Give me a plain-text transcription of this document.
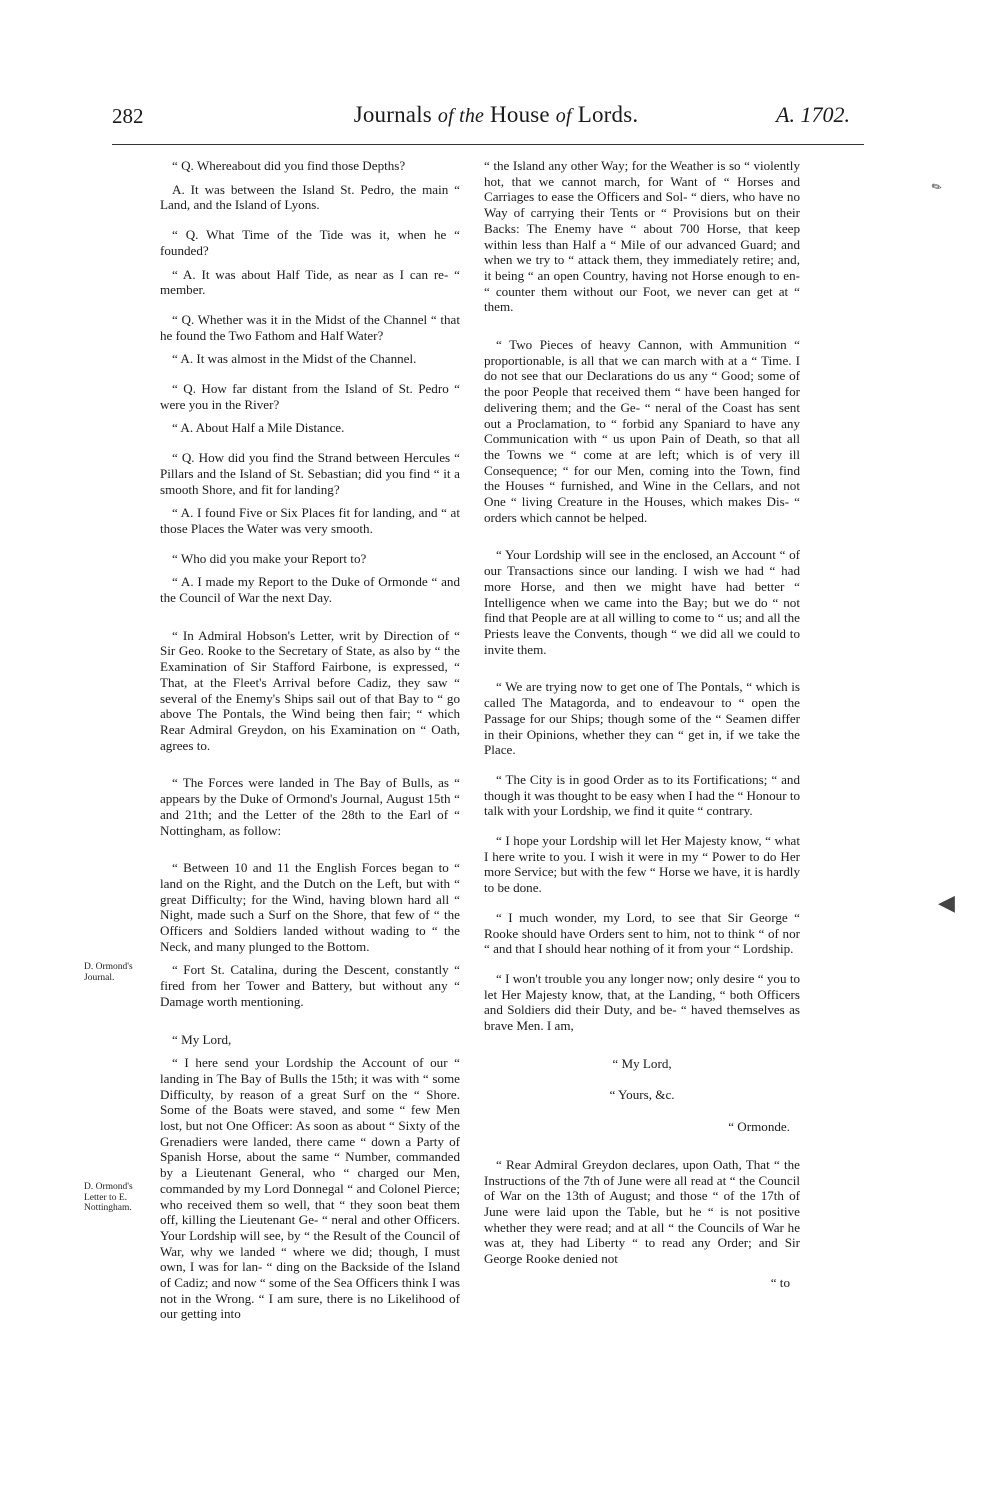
282	Journals of the House of Lords.	A. 1702.
D. Ormond's Journal.
D. Ormond's Letter to E. Nottingham.

“ Q. Whereabout did you find those Depths?

A. It was between the Island St. Pedro, the main “ Land, and the Island of Lyons.

“ Q. What Time of the Tide was it, when he “ founded?

“ A. It was about Half Tide, as near as I can re- “ member.

“ Q. Whether was it in the Midst of the Channel “ that he found the Two Fathom and Half Water?

“ A. It was almost in the Midst of the Channel.

“ Q. How far distant from the Island of St. Pedro “ were you in the River?

“ A. About Half a Mile Distance.

“ Q. How did you find the Strand between Hercules “ Pillars and the Island of St. Sebastian; did you find “ it a smooth Shore, and fit for landing?

“ A. I found Five or Six Places fit for landing, and “ at those Places the Water was very smooth.

“ Who did you make your Report to?

“ A. I made my Report to the Duke of Ormonde “ and the Council of War the next Day.

“ In Admiral Hobson's Letter, writ by Direction of “ Sir Geo. Rooke to the Secretary of State, as also by “ the Examination of Sir Stafford Fairbone, is expressed, “ That, at the Fleet's Arrival before Cadiz, they saw “ several of the Enemy's Ships sail out of that Bay to “ go above The Pontals, the Wind being then fair; “ which Rear Admiral Greydon, on his Examination on “ Oath, agrees to.

“ The Forces were landed in The Bay of Bulls, as “ appears by the Duke of Ormond's Journal, August 15th “ and 21th; and the Letter of the 28th to the Earl of “ Nottingham, as follow:

“ Between 10 and 11 the English Forces began to “ land on the Right, and the Dutch on the Left, but with “ great Difficulty; for the Wind, having blown hard all “ Night, made such a Surf on the Shore, that few of “ the Officers and Soldiers landed without wading to “ the Neck, and many plunged to the Bottom.

“ Fort St. Catalina, during the Descent, constantly “ fired from her Tower and Battery, but without any “ Damage worth mentioning.

“ My Lord,

“ I here send your Lordship the Account of our “ landing in The Bay of Bulls the 15th; it was with “ some Difficulty, by reason of a great Surf on the “ Shore. Some of the Boats were staved, and some “ few Men lost, but not One Officer: As soon as about “ Sixty of the Grenadiers were landed, there came “ down a Party of Spanish Horse, about the same “ Number, commanded by a Lieutenant General, who “ charged our Men, commanded by my Lord Donnegal “ and Colonel Pierce; who received them so well, that “ they soon beat them off, killing the Lieutenant Ge- “ neral and other Officers. Your Lordship will see, by “ the Result of the Council of War, why we landed “ where we did; though, I must own, I was for lan- “ ding on the Backside of the Island of Cadiz; and now “ some of the Sea Officers think I was not in the Wrong. “ I am sure, there is no Likelihood of our getting into

“ the Island any other Way; for the Weather is so “ violently hot, that we cannot march, for Want of “ Horses and Carriages to ease the Officers and Sol- “ diers, who have no Way of carrying their Tents or “ Provisions but on their Backs: The Enemy have “ about 700 Horse, that keep within less than Half a “ Mile of our advanced Guard; and when we try to “ attack them, they immediately retire; and, it being “ an open Country, having not Horse enough to en- “ counter them without our Foot, we never can get at “ them.

“ Two Pieces of heavy Cannon, with Ammunition “ proportionable, is all that we can march with at a “ Time. I do not see that our Declarations do us any “ Good; some of the poor People that received them “ have been hanged for delivering them; and the Ge- “ neral of the Coast has sent out a Proclamation, to “ forbid any Spaniard to have any Communication with “ us upon Pain of Death, so that all the Towns we “ come at are left; which is of very ill Consequence; “ for our Men, coming into the Town, find the Houses “ furnished, and Wine in the Cellars, and not One “ living Creature in the Houses, which makes Dis- “ orders which cannot be helped.

“ Your Lordship will see in the enclosed, an Account “ of our Transactions since our landing. I wish we had “ had more Horse, and then we might have had better “ Intelligence when we came into the Bay; but we do “ not find that People are at all willing to come to “ us; and all the Priests leave the Convents, though “ we did all we could to invite them.

“ We are trying now to get one of The Pontals, “ which is called The Matagorda, and to endeavour to “ open the Passage for our Ships; though some of the “ Seamen differ in their Opinions, whether they can “ get in, if we take the Place.

“ The City is in good Order as to its Fortifications; “ and though it was thought to be easy when I had the “ Honour to talk with your Lordship, we find it quite “ contrary.

“ I hope your Lordship will let Her Majesty know, “ what I here write to you. I wish it were in my “ Power to do Her more Service; but with the few “ Horse we have, it is hardly to be done.

“ I much wonder, my Lord, to see that Sir George “ Rooke should have Orders sent to him, not to think “ of nor “ and that I should hear nothing of it from your “ Lordship.

“ I won't trouble you any longer now; only desire “ you to let Her Majesty know, that, at the Landing, “ both Officers and Soldiers did their Duty, and be- “ haved themselves as brave Men. I am,

“ My Lord,

“ Yours, &c.

“ Ormonde.

“ Rear Admiral Greydon declares, upon Oath, That “ the Instructions of the 7th of June were all read at “ the Council of War on the 13th of August; and those “ of the 17th of June were laid upon the Table, but he “ is not positive whether they were read; and at all “ the Councils of War he was at, they had Liberty “ to read any Order; and Sir George Rooke denied not

“ to

◀
✎
